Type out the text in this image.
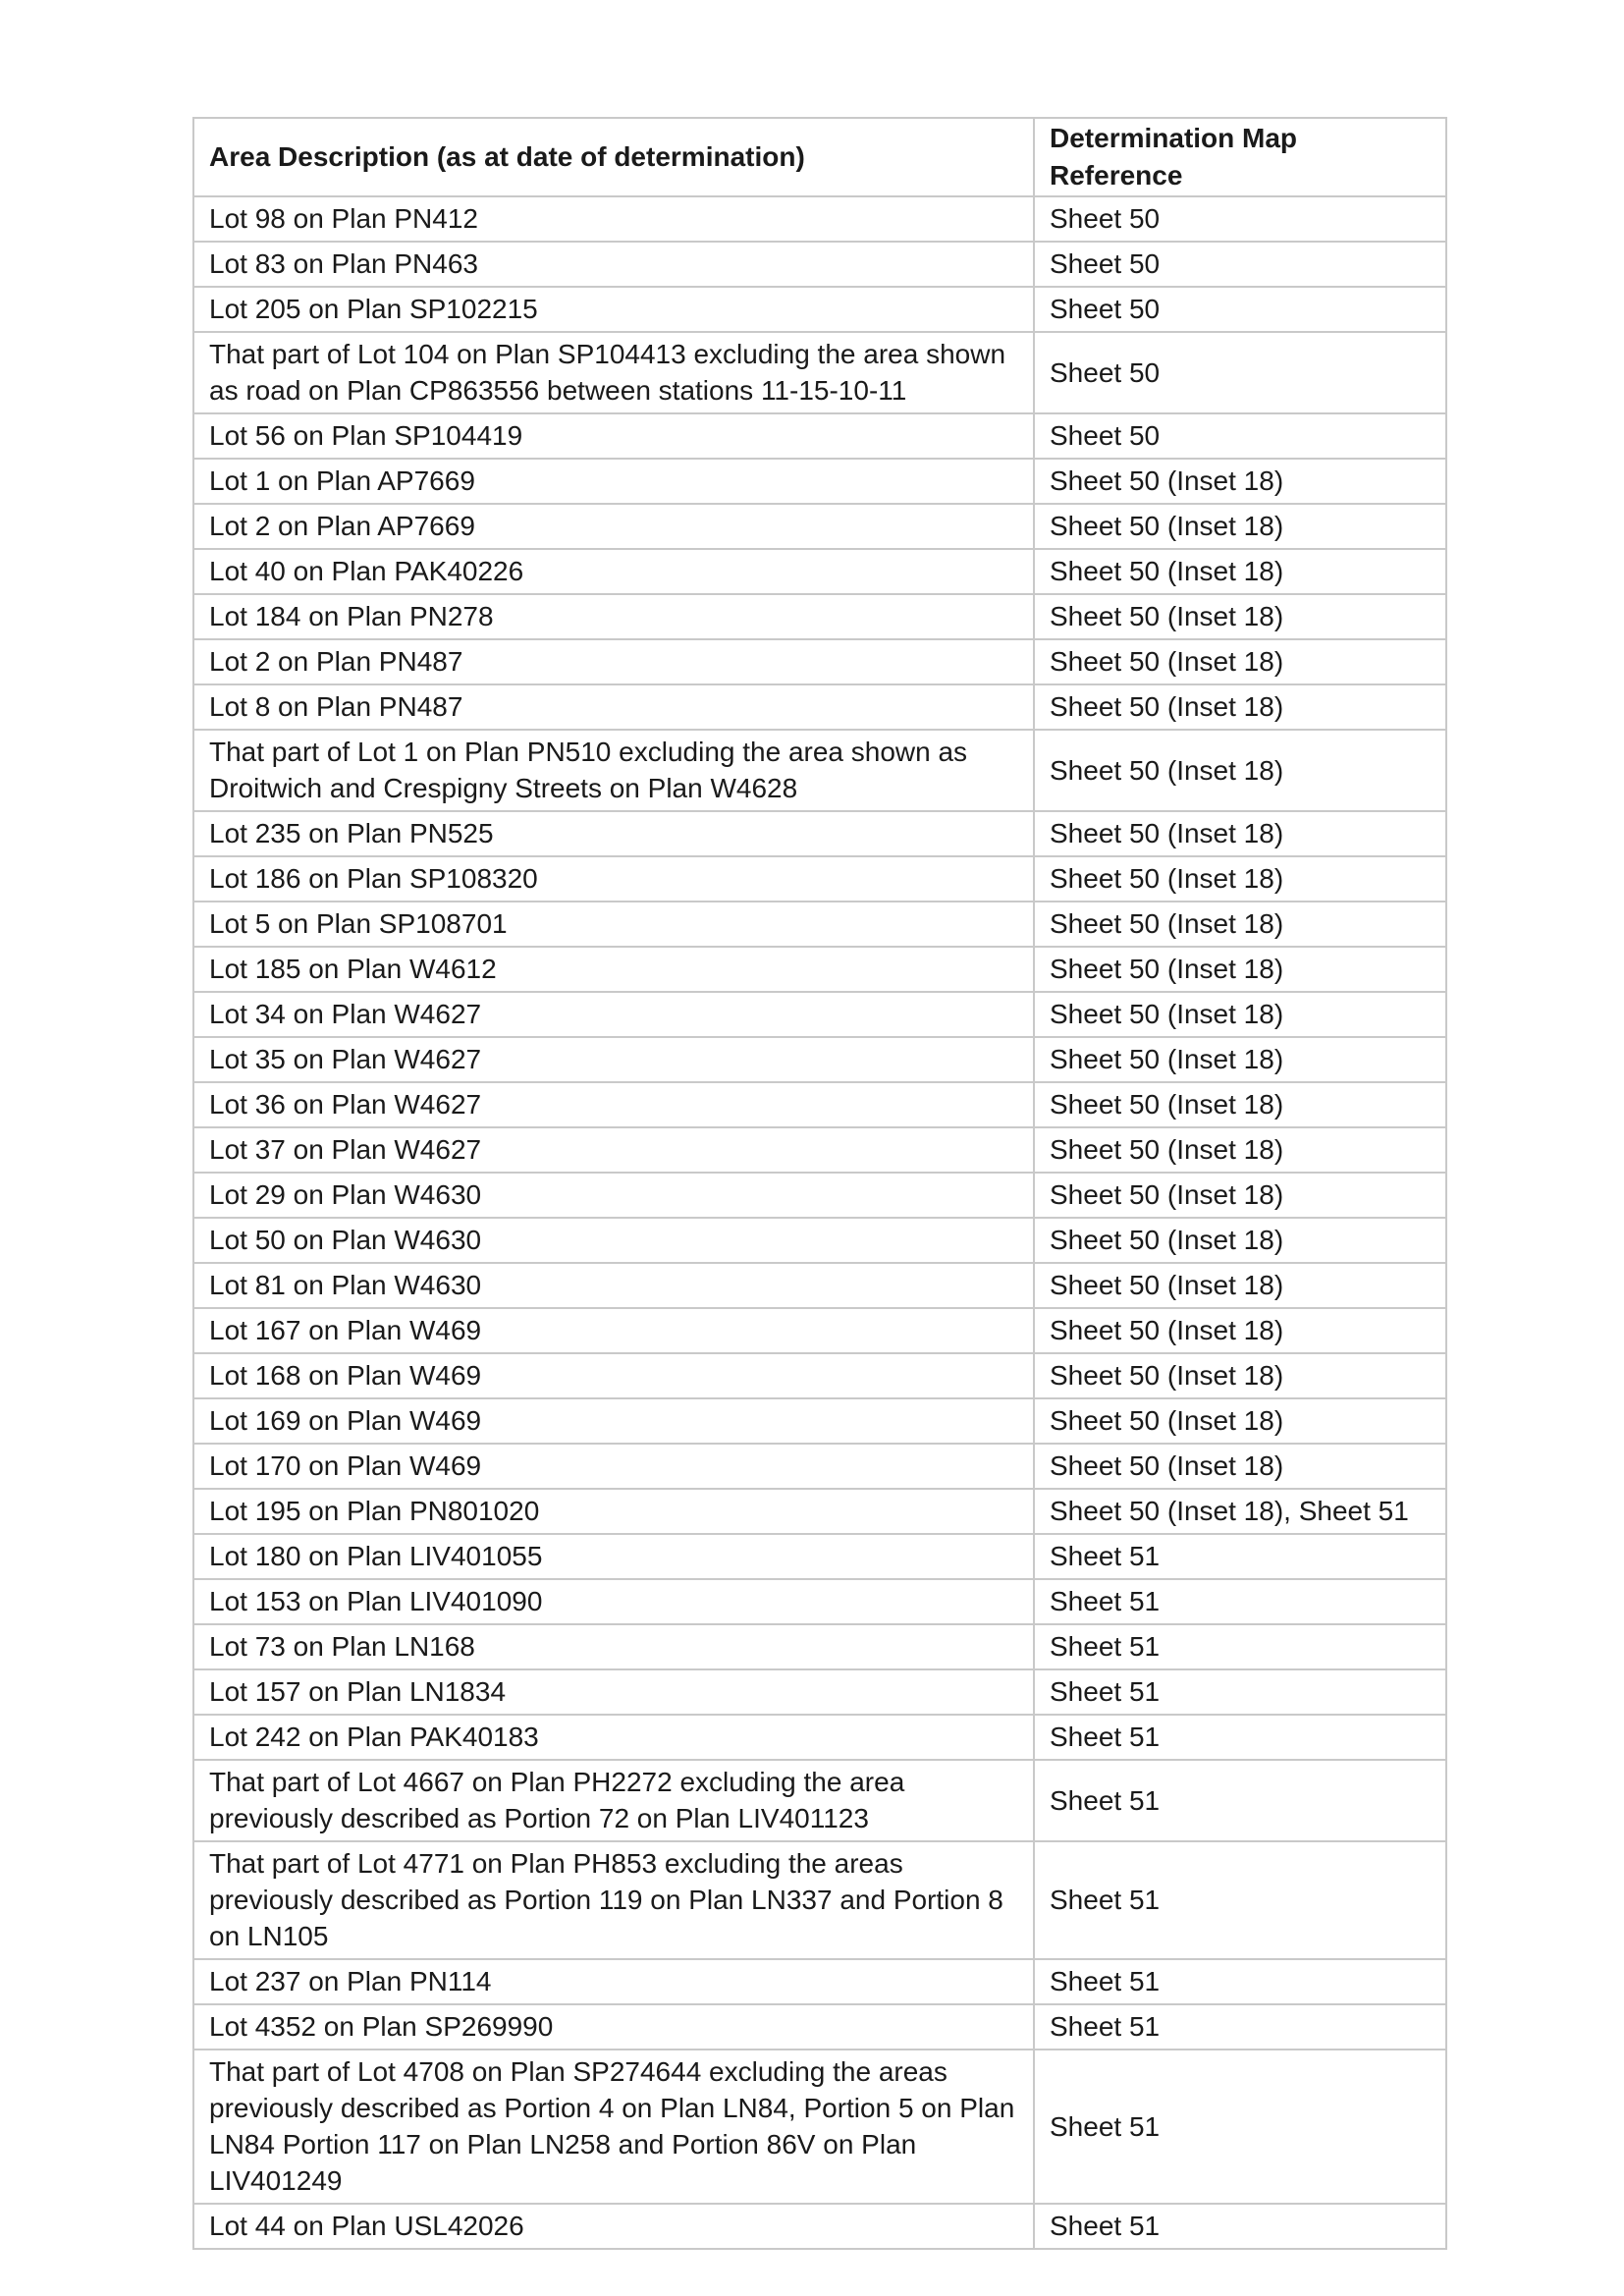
Area Description (as at date of determination)	Determination Map Reference
Lot 98 on Plan PN412	Sheet 50
Lot 83 on Plan PN463	Sheet 50
Lot 205 on Plan SP102215	Sheet 50
That part of Lot 104 on Plan SP104413 excluding the area shown as road on Plan CP863556 between stations 11-15-10-11	Sheet 50
Lot 56 on Plan SP104419	Sheet 50
Lot 1 on Plan AP7669	Sheet 50 (Inset 18)
Lot 2 on Plan AP7669	Sheet 50 (Inset 18)
Lot 40 on Plan PAK40226	Sheet 50 (Inset 18)
Lot 184 on Plan PN278	Sheet 50 (Inset 18)
Lot 2 on Plan PN487	Sheet 50 (Inset 18)
Lot 8 on Plan PN487	Sheet 50 (Inset 18)
That part of Lot 1 on Plan PN510 excluding the area shown as Droitwich and Crespigny Streets on Plan W4628	Sheet 50 (Inset 18)
Lot 235 on Plan PN525	Sheet 50 (Inset 18)
Lot 186 on Plan SP108320	Sheet 50 (Inset 18)
Lot 5 on Plan SP108701	Sheet 50 (Inset 18)
Lot 185 on Plan W4612	Sheet 50 (Inset 18)
Lot 34 on Plan W4627	Sheet 50 (Inset 18)
Lot 35 on Plan W4627	Sheet 50 (Inset 18)
Lot 36 on Plan W4627	Sheet 50 (Inset 18)
Lot 37 on Plan W4627	Sheet 50 (Inset 18)
Lot 29 on Plan W4630	Sheet 50 (Inset 18)
Lot 50 on Plan W4630	Sheet 50 (Inset 18)
Lot 81 on Plan W4630	Sheet 50 (Inset 18)
Lot 167 on Plan W469	Sheet 50 (Inset 18)
Lot 168 on Plan W469	Sheet 50 (Inset 18)
Lot 169 on Plan W469	Sheet 50 (Inset 18)
Lot 170 on Plan W469	Sheet 50 (Inset 18)
Lot 195 on Plan PN801020	Sheet 50 (Inset 18), Sheet 51
Lot 180 on Plan LIV401055	Sheet 51
Lot 153 on Plan LIV401090	Sheet 51
Lot 73 on Plan LN168	Sheet 51
Lot 157 on Plan LN1834	Sheet 51
Lot 242 on Plan PAK40183	Sheet 51
That part of Lot 4667 on Plan PH2272 excluding the area previously described as Portion 72 on Plan LIV401123	Sheet 51
That part of Lot 4771 on Plan PH853 excluding the areas previously described as Portion 119 on Plan LN337 and Portion 8 on LN105	Sheet 51
Lot 237 on Plan PN114	Sheet 51
Lot 4352 on Plan SP269990	Sheet 51
That part of Lot 4708 on Plan SP274644 excluding the areas previously described as Portion 4 on Plan LN84, Portion 5 on Plan LN84 Portion 117 on Plan LN258 and Portion 86V on Plan LIV401249	Sheet 51
Lot 44 on Plan USL42026	Sheet 51
